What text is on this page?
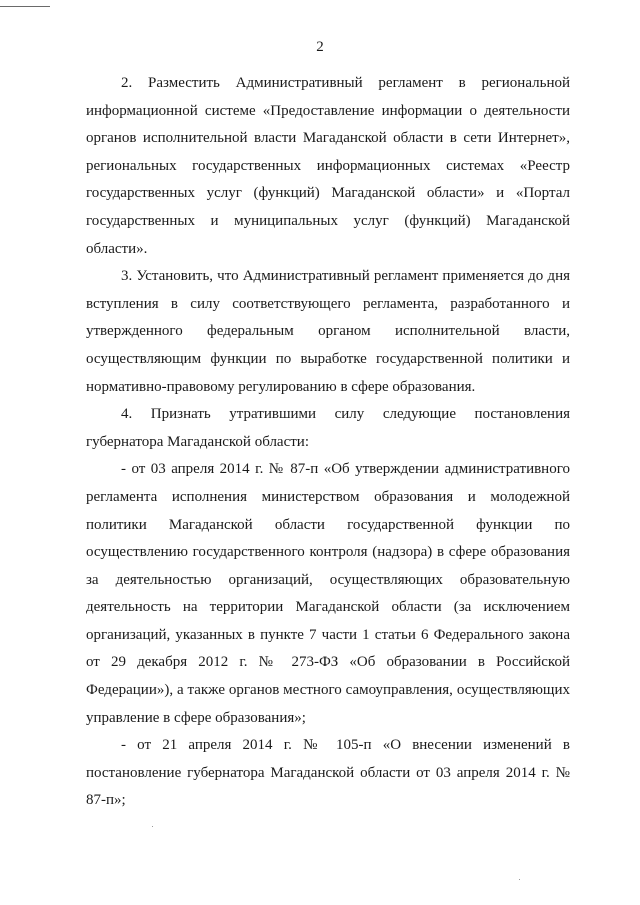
2

2. Разместить Административный регламент в региональной информационной системе «Предоставление информации о деятельности органов исполнительной власти Магаданской области в сети Интернет», региональных государственных информационных системах «Реестр государственных услуг (функций) Магаданской области» и «Портал государственных и муниципальных услуг (функций) Магаданской области».

3. Установить, что Административный регламент применяется до дня вступления в силу соответствующего регламента, разработанного и утвержденного федеральным органом исполнительной власти, осуществляющим функции по выработке государственной политики и нормативно-правовому регулированию в сфере образования.

4. Признать утратившими силу следующие постановления губернатора Магаданской области:

- от 03 апреля 2014 г. № 87-п «Об утверждении административного регламента исполнения министерством образования и молодежной политики Магаданской области государственной функции по осуществлению государственного контроля (надзора) в сфере образования за деятельностью организаций, осуществляющих образовательную деятельность на территории Магаданской области (за исключением организаций, указанных в пункте 7 части 1 статьи 6 Федерального закона от 29 декабря 2012 г. № 273-ФЗ «Об образовании в Российской Федерации»), а также органов местного самоуправления, осуществляющих управление в сфере образования»;

- от 21 апреля 2014 г. № 105-п «О внесении изменений в постановление губернатора Магаданской области от 03 апреля 2014 г. № 87-п»;
